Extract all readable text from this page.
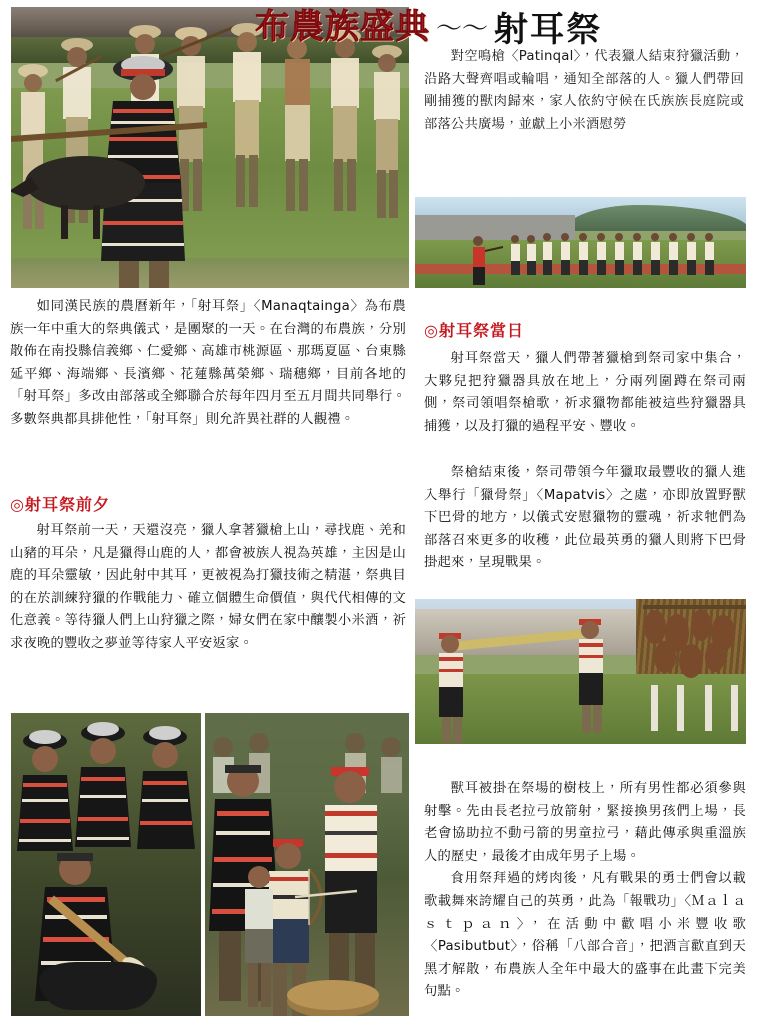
布農族盛典 ～～ 射耳祭

對空鳴槍〈Patinqal〉，代表獵人結束狩獵活動，沿路大聲齊唱或輪唱，通知全部落的人。獵人們帶回剛捕獲的獸肉歸來，家人依約守候在氏族族長庭院或部落公共廣場，並獻上小米酒慰勞

如同漢民族的農曆新年，「射耳祭」〈Manaqtainga〉為布農族一年中重大的祭典儀式，是團聚的一天。在台灣的布農族，分別散佈在南投縣信義鄉、仁愛鄉、高雄市桃源區、那瑪夏區、台東縣延平鄉、海端鄉、長濱鄉、花蓮縣萬榮鄉、瑞穗鄉，目前各地的「射耳祭」多改由部落或全鄉聯合於每年四月至五月間共同舉行。多數祭典都具排他性，「射耳祭」則允許異社群的人觀禮。

◎射耳祭當日

射耳祭當天，獵人們帶著獵槍到祭司家中集合，大夥兒把狩獵器具放在地上，分兩列圍蹲在祭司兩側，祭司領唱祭槍歌，祈求獵物都能被這些狩獵器具捕獲，以及打獵的過程平安、豐收。

祭槍結束後，祭司帶領今年獵取最豐收的獵人進入舉行「獵骨祭」〈Mapatvis〉之處，亦即放置野獸下巴骨的地方，以儀式安慰獵物的靈魂，祈求牠們為部落召來更多的收穫，此位最英勇的獵人則將下巴骨掛起來，呈現戰果。

◎射耳祭前夕

射耳祭前一天，天還沒亮，獵人拿著獵槍上山，尋找鹿、羌和山豬的耳朵，凡是獵得山鹿的人，都會被族人視為英雄，主因是山鹿的耳朵靈敏，因此射中其耳，更被視為打獵技術之精湛，祭典目的在於訓練狩獵的作戰能力、確立個體生命價值，與代代相傳的文化意義。等待獵人們上山狩獵之際，婦女們在家中釀製小米酒，祈求夜晚的豐收之夢並等待家人平安返家。

獸耳被掛在祭場的樹枝上，所有男性都必須參與射擊。先由長老拉弓放箭射，緊接換男孩們上場，長老會協助拉不動弓箭的男童拉弓，藉此傳承與重溫族人的歷史，最後才由成年男子上場。

食用祭拜過的烤肉後，凡有戰果的勇士們會以載歌載舞來誇耀自己的英勇，此為「報戰功」〈Ｍａｌａｓｔｐａｎ〉，在活動中歡唱小米豐收歌〈Pasibutbut〉，俗稱「八部合音」，把酒言歡直到天黑才解散，布農族人全年中最大的盛事在此畫下完美句點。
